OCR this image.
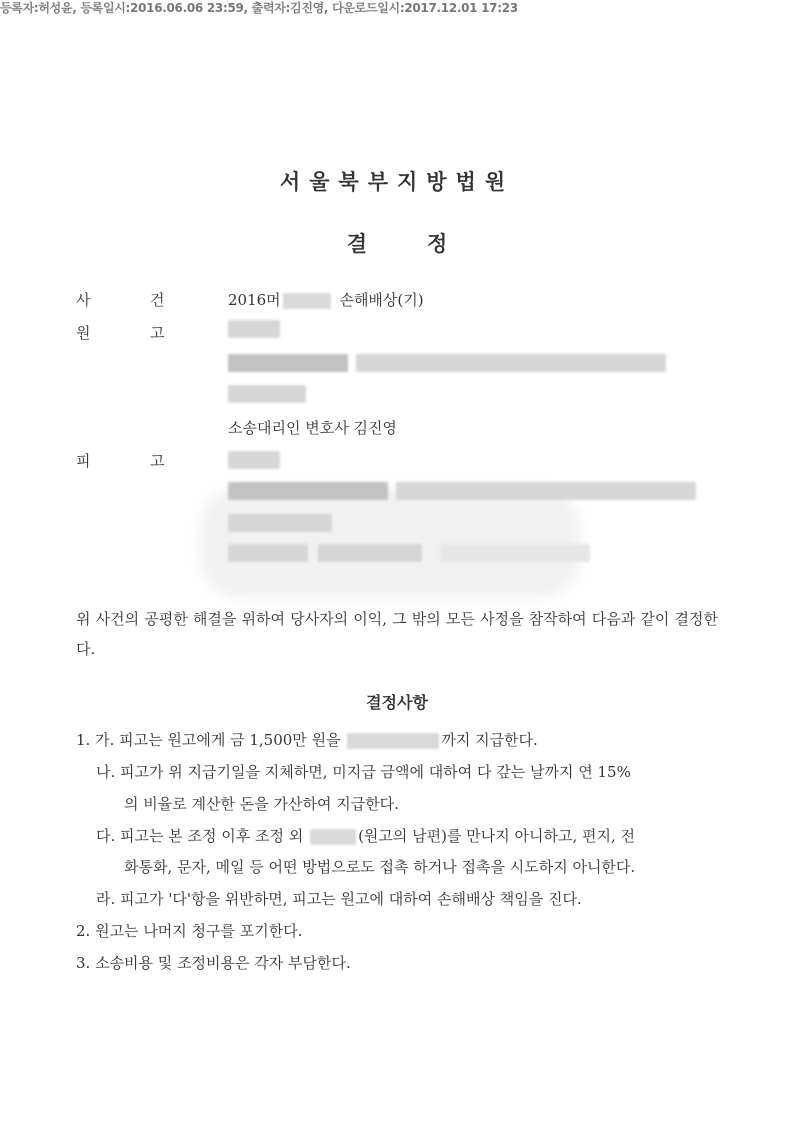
등록자:허성윤, 등록일시:2016.06.06 23:59, 출력자:김진영, 다운로드일시:2017.12.01 17:23
서울북부지방법원
결	정
사	건	2016머	손해배상(기)
원	고
소송대리인 변호사 김진영
피	고
위 사건의 공평한 해결을 위하여 당사자의 이익, 그 밖의 모든 사정을 참작하여 다음과 같이 결정한다.
결정사항
1. 가. 피고는 원고에게 금 1,500만 원을	까지 지급한다.
나. 피고가 위 지급기일을 지체하면, 미지급 금액에 대하여 다 갚는 날까지 연 15%
의 비율로 계산한 돈을 가산하여 지급한다.
다. 피고는 본 조정 이후 조정 외	(원고의 남편)를 만나지 아니하고, 편지, 전
화통화, 문자, 메일 등 어떤 방법으로도 접촉 하거나 접촉을 시도하지 아니한다.
라. 피고가 '다'항을 위반하면, 피고는 원고에 대하여 손해배상 책임을 진다.
2. 원고는 나머지 청구를 포기한다.
3. 소송비용 및 조정비용은 각자 부담한다.
